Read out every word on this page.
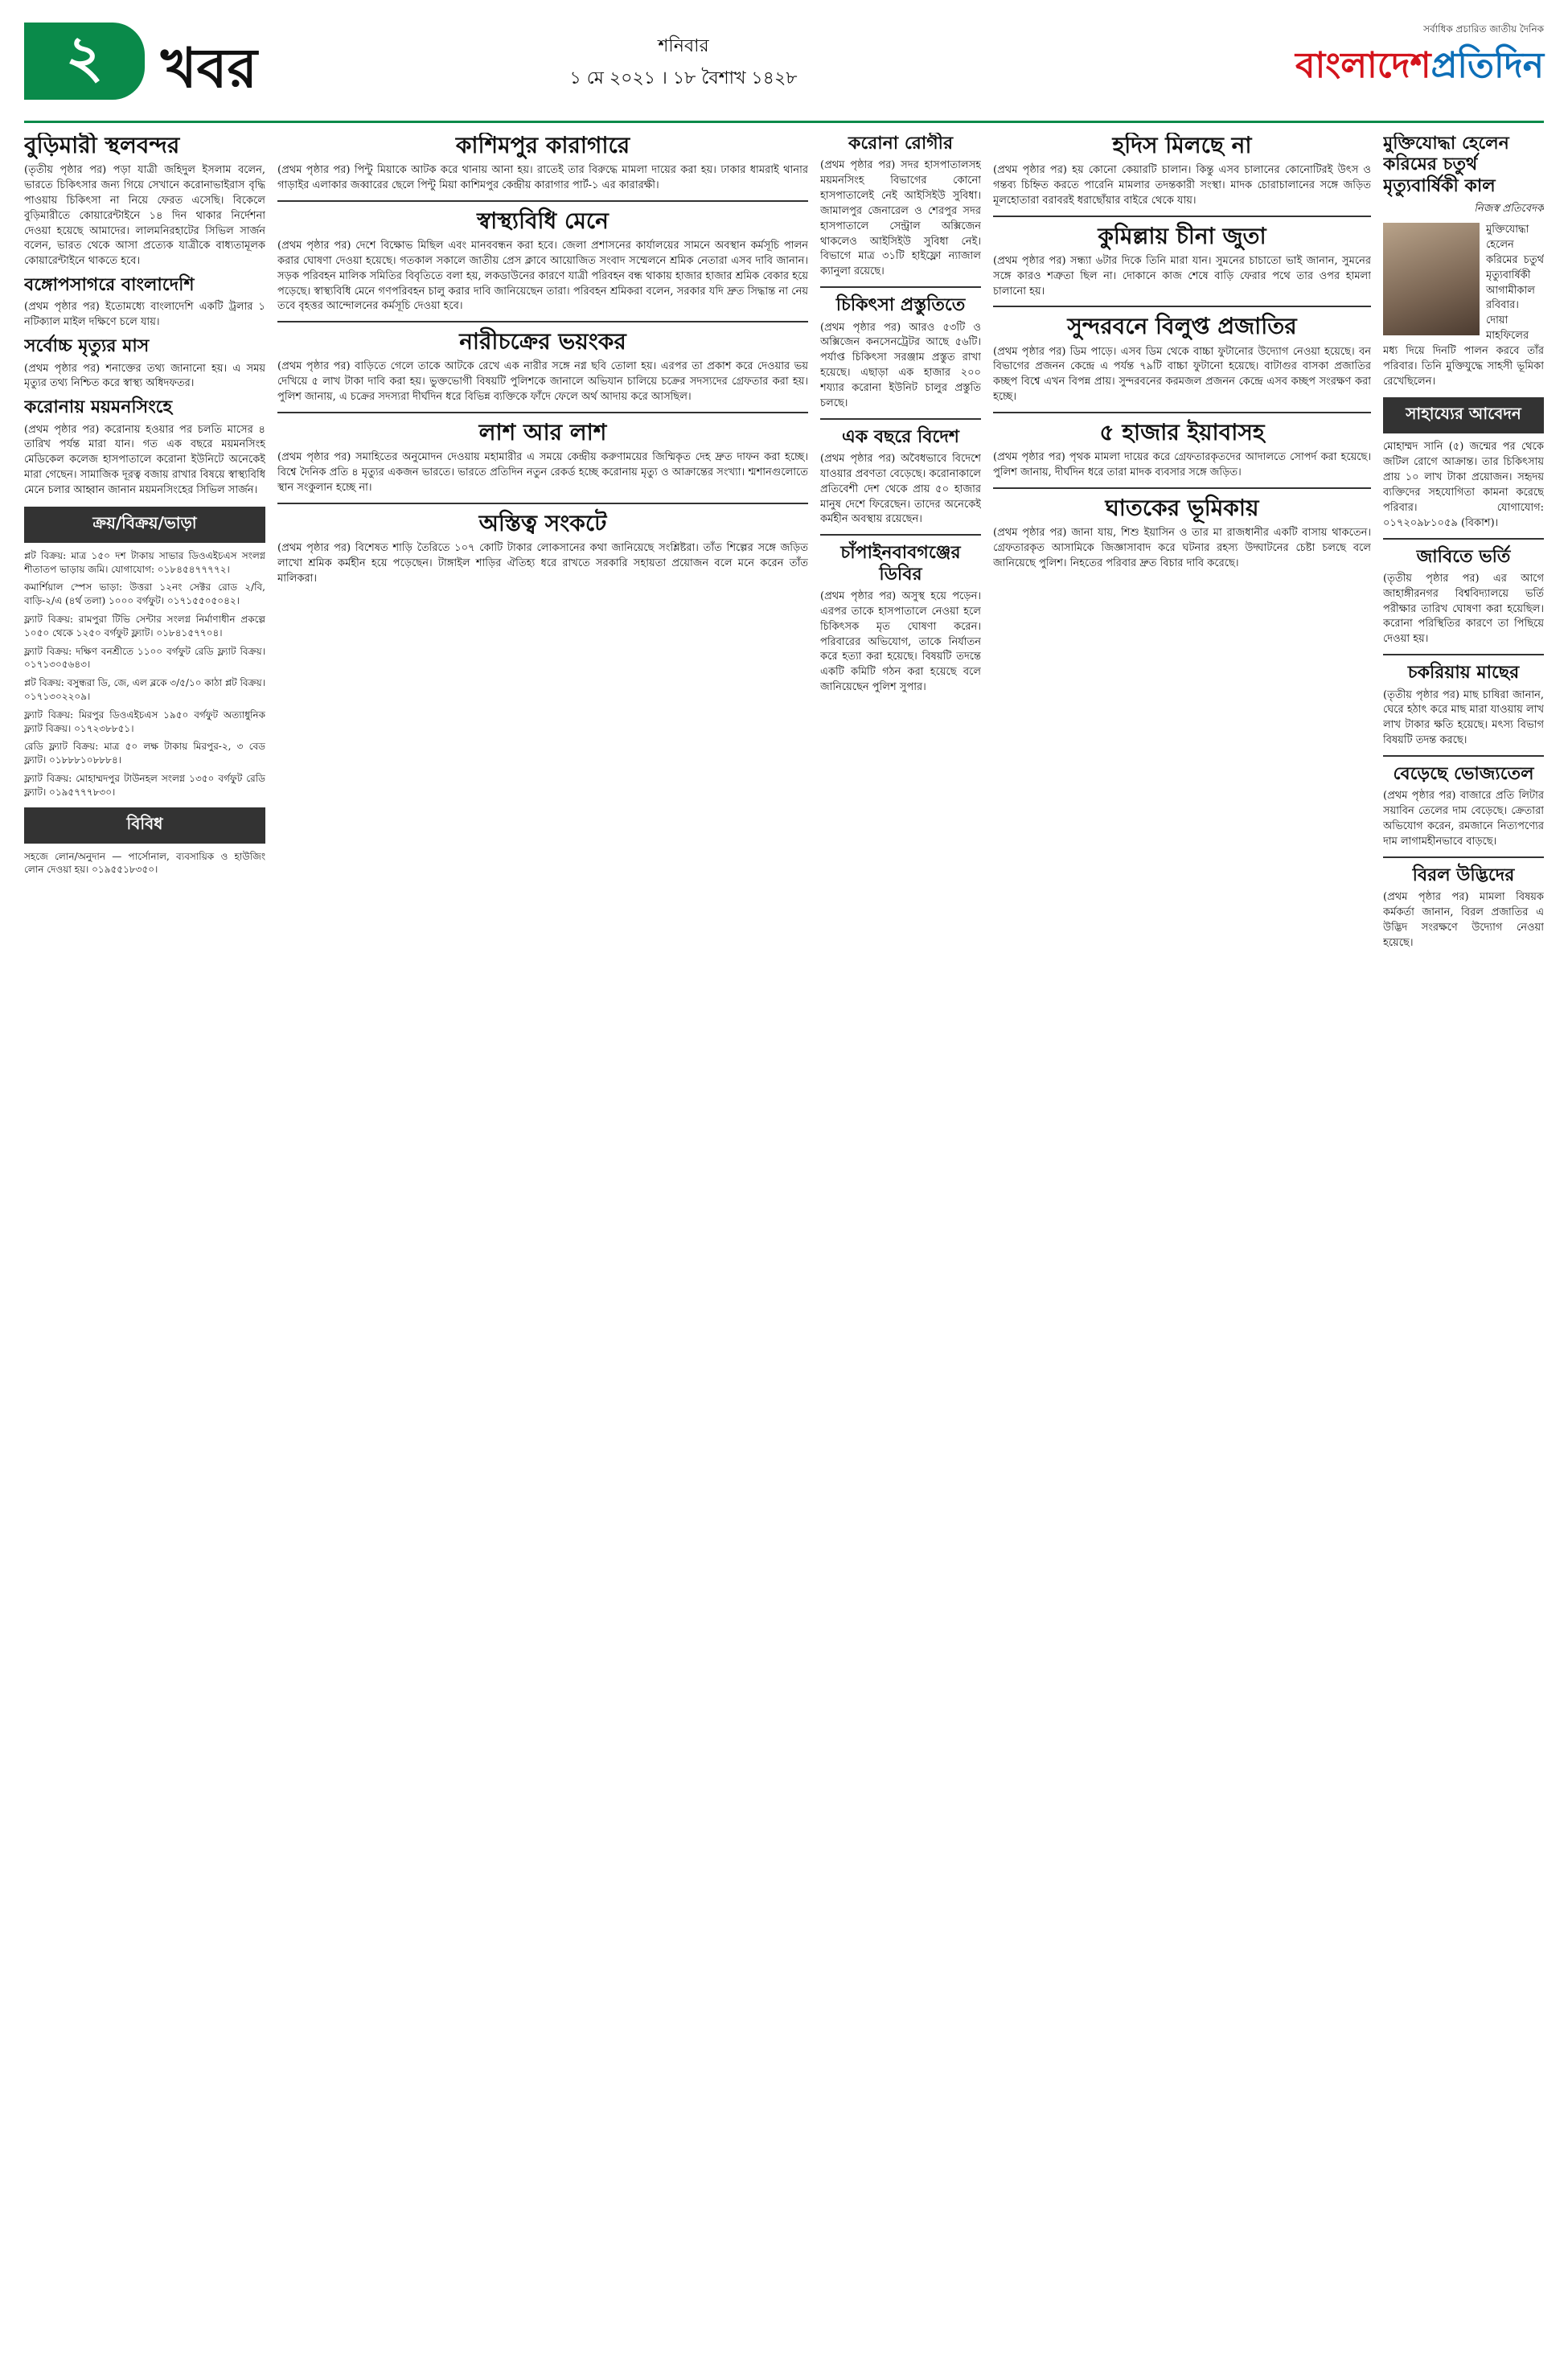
২	খবর	শনিবার
১ মে ২০২১ । ১৮ বৈশাখ ১৪২৮
সর্বাধিক প্রচারিত জাতীয় দৈনিক
বাংলাদেশপ্রতিদিন
বুড়িমারী স্থলবন্দর

(তৃতীয় পৃষ্ঠার পর) পড়া যাত্রী জহিদুল ইসলাম বলেন, ভারতে চিকিৎসার জন্য গিয়ে সেখানে করোনাভাইরাস বৃদ্ধি পাওয়ায় চিকিৎসা না নিয়ে ফেরত এসেছি। বিকেলে বুড়িমারীতে কোয়ারেন্টাইনে ১৪ দিন থাকার নির্দেশনা দেওয়া হয়েছে আমাদের। লালমনিরহাটের সিভিল সার্জন বলেন, ভারত থেকে আসা প্রত্যেক যাত্রীকে বাধ্যতামূলক কোয়ারেন্টাইনে থাকতে হবে।

বঙ্গোপসাগরে বাংলাদেশি

(প্রথম পৃষ্ঠার পর) ইতোমধ্যে বাংলাদেশি একটি ট্রলার ১ নটিক্যাল মাইল দক্ষিণে চলে যায়।

সর্বোচ্চ মৃত্যুর মাস

(প্রথম পৃষ্ঠার পর) শনাক্তের তথ্য জানানো হয়। এ সময় মৃত্যুর তথ্য নিশ্চিত করে স্বাস্থ্য অধিদফতর।

করোনায় ময়মনসিংহে

(প্রথম পৃষ্ঠার পর) করোনায় হওয়ার পর চলতি মাসের ৪ তারিখ পর্যন্ত মারা যান। গত এক বছরে ময়মনসিংহ মেডিকেল কলেজ হাসপাতালে করোনা ইউনিটে অনেকেই মারা গেছেন। সামাজিক দূরত্ব বজায় রাখার বিষয়ে স্বাস্থ্যবিধি মেনে চলার আহ্বান জানান ময়মনসিংহের সিভিল সার্জন।

ক্রয়/বিক্রয়/ভাড়া

প্লট বিক্রয়: মাত্র ১৫০ দশ টাকায় সাভার ডিওএইচএস সংলগ্ন শীতাতপ ভাড়ায় জমি। যোগাযোগ: ০১৮৪৫৪৭৭৭৭২।

কমার্শিয়াল স্পেস ভাড়া: উত্তরা ১২নং সেক্টর রোড ২/বি, বাড়ি-২/এ (৪র্থ তলা) ১০০০ বর্গফুট। ০১৭১৫৫০৫০৪২।

ফ্ল্যাট বিক্রয়: রামপুরা টিভি সেন্টার সংলগ্ন নির্মাণাধীন প্রকল্পে ১০৫০ থেকে ১২৫০ বর্গফুট ফ্ল্যাট। ০১৮৪১৫৭৭০৪।

ফ্ল্যাট বিক্রয়: দক্ষিণ বনশ্রীতে ১১০০ বর্গফুট রেডি ফ্ল্যাট বিক্রয়। ০১৭১৩০৫৬৪৩।

প্লট বিক্রয়: বসুন্ধরা ডি, জে, এল ব্লকে ৩/৫/১০ কাঠা প্লট বিক্রয়। ০১৭১৩০২২০৯।

ফ্ল্যাট বিক্রয়: মিরপুর ডিওএইচএস ১৯৫০ বর্গফুট অত্যাধুনিক ফ্ল্যাট বিক্রয়। ০১৭২৩৮৮৫১।

রেডি ফ্ল্যাট বিক্রয়: মাত্র ৫০ লক্ষ টাকায় মিরপুর-২, ৩ বেড ফ্ল্যাট। ০১৮৮৮১০৮৮৮৪।

ফ্ল্যাট বিক্রয়: মোহাম্মদপুর টাউনহল সংলগ্ন ১৩৫০ বর্গফুট রেডি ফ্ল্যাট। ০১৯৫৭৭৭৮৩০।

বিবিধ

সহজে লোন/অনুদান — পার্সোনাল, ব্যবসায়িক ও হাউজিং লোন দেওয়া হয়। ০১৯৫৫১৮৩৫০।

কাশিমপুর কারাগারে

(প্রথম পৃষ্ঠার পর) পিন্টু মিয়াকে আটক করে থানায় আনা হয়। রাতেই তার বিরুদ্ধে মামলা দায়ের করা হয়। ঢাকার ধামরাই থানার গাড়াইর এলাকার জব্বারের ছেলে পিন্টু মিয়া কাশিমপুর কেন্দ্রীয় কারাগার পার্ট-১ এর কারারক্ষী।

স্বাস্থ্যবিধি মেনে

(প্রথম পৃষ্ঠার পর) দেশে বিক্ষোভ মিছিল এবং মানববন্ধন করা হবে। জেলা প্রশাসনের কার্যালয়ের সামনে অবস্থান কর্মসূচি পালন করার ঘোষণা দেওয়া হয়েছে। গতকাল সকালে জাতীয় প্রেস ক্লাবে আয়োজিত সংবাদ সম্মেলনে শ্রমিক নেতারা এসব দাবি জানান। সড়ক পরিবহন মালিক সমিতির বিবৃতিতে বলা হয়, লকডাউনের কারণে যাত্রী পরিবহন বন্ধ থাকায় হাজার হাজার শ্রমিক বেকার হয়ে পড়েছে। স্বাস্থ্যবিধি মেনে গণপরিবহন চালু করার দাবি জানিয়েছেন তারা। পরিবহন শ্রমিকরা বলেন, সরকার যদি দ্রুত সিদ্ধান্ত না নেয় তবে বৃহত্তর আন্দোলনের কর্মসূচি দেওয়া হবে।

নারীচক্রের ভয়ংকর

(প্রথম পৃষ্ঠার পর) বাড়িতে গেলে তাকে আটকে রেখে এক নারীর সঙ্গে নগ্ন ছবি তোলা হয়। এরপর তা প্রকাশ করে দেওয়ার ভয় দেখিয়ে ৫ লাখ টাকা দাবি করা হয়। ভুক্তভোগী বিষয়টি পুলিশকে জানালে অভিযান চালিয়ে চক্রের সদস্যদের গ্রেফতার করা হয়। পুলিশ জানায়, এ চক্রের সদস্যরা দীর্ঘদিন ধরে বিভিন্ন ব্যক্তিকে ফাঁদে ফেলে অর্থ আদায় করে আসছিল।

লাশ আর লাশ

(প্রথম পৃষ্ঠার পর) সমাহিতের অনুমোদন দেওয়ায় মহামারীর এ সময়ে কেন্দ্রীয় করুণাময়ের জিম্মিকৃত দেহ দ্রুত দাফন করা হচ্ছে। বিশ্বে দৈনিক প্রতি ৪ মৃত্যুর একজন ভারতে। ভারতে প্রতিদিন নতুন রেকর্ড হচ্ছে করোনায় মৃত্যু ও আক্রান্তের সংখ্যা। শ্মশানগুলোতে স্থান সংকুলান হচ্ছে না।

অস্তিত্ব সংকটে

(প্রথম পৃষ্ঠার পর) বিশেষত শাড়ি তৈরিতে ১০৭ কোটি টাকার লোকসানের কথা জানিয়েছে সংশ্লিষ্টরা। তাঁত শিল্পের সঙ্গে জড়িত লাখো শ্রমিক কর্মহীন হয়ে পড়েছেন। টাঙ্গাইল শাড়ির ঐতিহ্য ধরে রাখতে সরকারি সহায়তা প্রয়োজন বলে মনে করেন তাঁত মালিকরা।

করোনা রোগীর

(প্রথম পৃষ্ঠার পর) সদর হাসপাতালসহ ময়মনসিংহ বিভাগের কোনো হাসপাতালেই নেই আইসিইউ সুবিধা। জামালপুর জেনারেল ও শেরপুর সদর হাসপাতালে সেন্ট্রাল অক্সিজেন থাকলেও আইসিইউ সুবিধা নেই। বিভাগে মাত্র ৩১টি হাইফ্লো ন্যাজাল ক্যানুলা রয়েছে।

চিকিৎসা প্রস্তুতিতে

(প্রথম পৃষ্ঠার পর) আরও ৫৩টি ও অক্সিজেন কনসেনট্রেটর আছে ৫৬টি। পর্যাপ্ত চিকিৎসা সরঞ্জাম প্রস্তুত রাখা হয়েছে। এছাড়া এক হাজার ২০০ শয্যার করোনা ইউনিট চালুর প্রস্তুতি চলছে।

এক বছরে বিদেশ

(প্রথম পৃষ্ঠার পর) অবৈধভাবে বিদেশে যাওয়ার প্রবণতা বেড়েছে। করোনাকালে প্রতিবেশী দেশ থেকে প্রায় ৫০ হাজার মানুষ দেশে ফিরেছেন। তাদের অনেকেই কর্মহীন অবস্থায় রয়েছেন।

চাঁপাইনবাবগঞ্জের ডিবির

(প্রথম পৃষ্ঠার পর) অসুস্থ হয়ে পড়েন। এরপর তাকে হাসপাতালে নেওয়া হলে চিকিৎসক মৃত ঘোষণা করেন। পরিবারের অভিযোগ, তাকে নির্যাতন করে হত্যা করা হয়েছে। বিষয়টি তদন্তে একটি কমিটি গঠন করা হয়েছে বলে জানিয়েছেন পুলিশ সুপার।

হদিস মিলছে না

(প্রথম পৃষ্ঠার পর) হয় কোনো কেয়ারটি চালান। কিন্তু এসব চালানের কোনোটিরই উৎস ও গন্তব্য চিহ্নিত করতে পারেনি মামলার তদন্তকারী সংস্থা। মাদক চোরাচালানের সঙ্গে জড়িত মূলহোতারা বরাবরই ধরাছোঁয়ার বাইরে থেকে যায়।

কুমিল্লায় চীনা জুতা

(প্রথম পৃষ্ঠার পর) সন্ধ্যা ৬টার দিকে তিনি মারা যান। সুমনের চাচাতো ভাই জানান, সুমনের সঙ্গে কারও শত্রুতা ছিল না। দোকানে কাজ শেষে বাড়ি ফেরার পথে তার ওপর হামলা চালানো হয়।

সুন্দরবনে বিলুপ্ত প্রজাতির

(প্রথম পৃষ্ঠার পর) ডিম পাড়ে। এসব ডিম থেকে বাচ্চা ফুটানোর উদ্যোগ নেওয়া হয়েছে। বন বিভাগের প্রজনন কেন্দ্রে এ পর্যন্ত ৭৯টি বাচ্চা ফুটানো হয়েছে। বাটাগুর বাসকা প্রজাতির কচ্ছপ বিশ্বে এখন বিপন্ন প্রায়। সুন্দরবনের করমজল প্রজনন কেন্দ্রে এসব কচ্ছপ সংরক্ষণ করা হচ্ছে।

৫ হাজার ইয়াবাসহ

(প্রথম পৃষ্ঠার পর) পৃথক মামলা দায়ের করে গ্রেফতারকৃতদের আদালতে সোপর্দ করা হয়েছে। পুলিশ জানায়, দীর্ঘদিন ধরে তারা মাদক ব্যবসার সঙ্গে জড়িত।

ঘাতকের ভূমিকায়

(প্রথম পৃষ্ঠার পর) জানা যায়, শিশু ইয়াসিন ও তার মা রাজধানীর একটি বাসায় থাকতেন। গ্রেফতারকৃত আসামিকে জিজ্ঞাসাবাদ করে ঘটনার রহস্য উদ্ঘাটনের চেষ্টা চলছে বলে জানিয়েছে পুলিশ। নিহতের পরিবার দ্রুত বিচার দাবি করেছে।

মুক্তিযোদ্ধা হেলেন করিমের চতুর্থ মৃত্যুবার্ষিকী কাল
নিজস্ব প্রতিবেদক

মুক্তিযোদ্ধা হেলেন করিমের চতুর্থ মৃত্যুবার্ষিকী আগামীকাল রবিবার। দোয়া মাহফিলের মধ্য দিয়ে দিনটি পালন করবে তাঁর পরিবার। তিনি মুক্তিযুদ্ধে সাহসী ভূমিকা রেখেছিলেন।

সাহায্যের আবেদন

মোহাম্মদ সানি (৫) জন্মের পর থেকে জটিল রোগে আক্রান্ত। তার চিকিৎসায় প্রায় ১০ লাখ টাকা প্রয়োজন। সহৃদয় ব্যক্তিদের সহযোগিতা কামনা করেছে পরিবার। যোগাযোগ: ০১৭২০৯৮১০৫৯ (বিকাশ)।

জাবিতে ভর্তি

(তৃতীয় পৃষ্ঠার পর) এর আগে জাহাঙ্গীরনগর বিশ্ববিদ্যালয়ে ভর্তি পরীক্ষার তারিখ ঘোষণা করা হয়েছিল। করোনা পরিস্থিতির কারণে তা পিছিয়ে দেওয়া হয়।

চকরিয়ায় মাছের

(তৃতীয় পৃষ্ঠার পর) মাছ চাষিরা জানান, ঘেরে হঠাৎ করে মাছ মারা যাওয়ায় লাখ লাখ টাকার ক্ষতি হয়েছে। মৎস্য বিভাগ বিষয়টি তদন্ত করছে।

বেড়েছে ভোজ্যতেল

(প্রথম পৃষ্ঠার পর) বাজারে প্রতি লিটার সয়াবিন তেলের দাম বেড়েছে। ক্রেতারা অভিযোগ করেন, রমজানে নিত্যপণ্যের দাম লাগামহীনভাবে বাড়ছে।

বিরল উদ্ভিদের

(প্রথম পৃষ্ঠার পর) মামলা বিষয়ক কর্মকর্তা জানান, বিরল প্রজাতির এ উদ্ভিদ সংরক্ষণে উদ্যোগ নেওয়া হয়েছে।
